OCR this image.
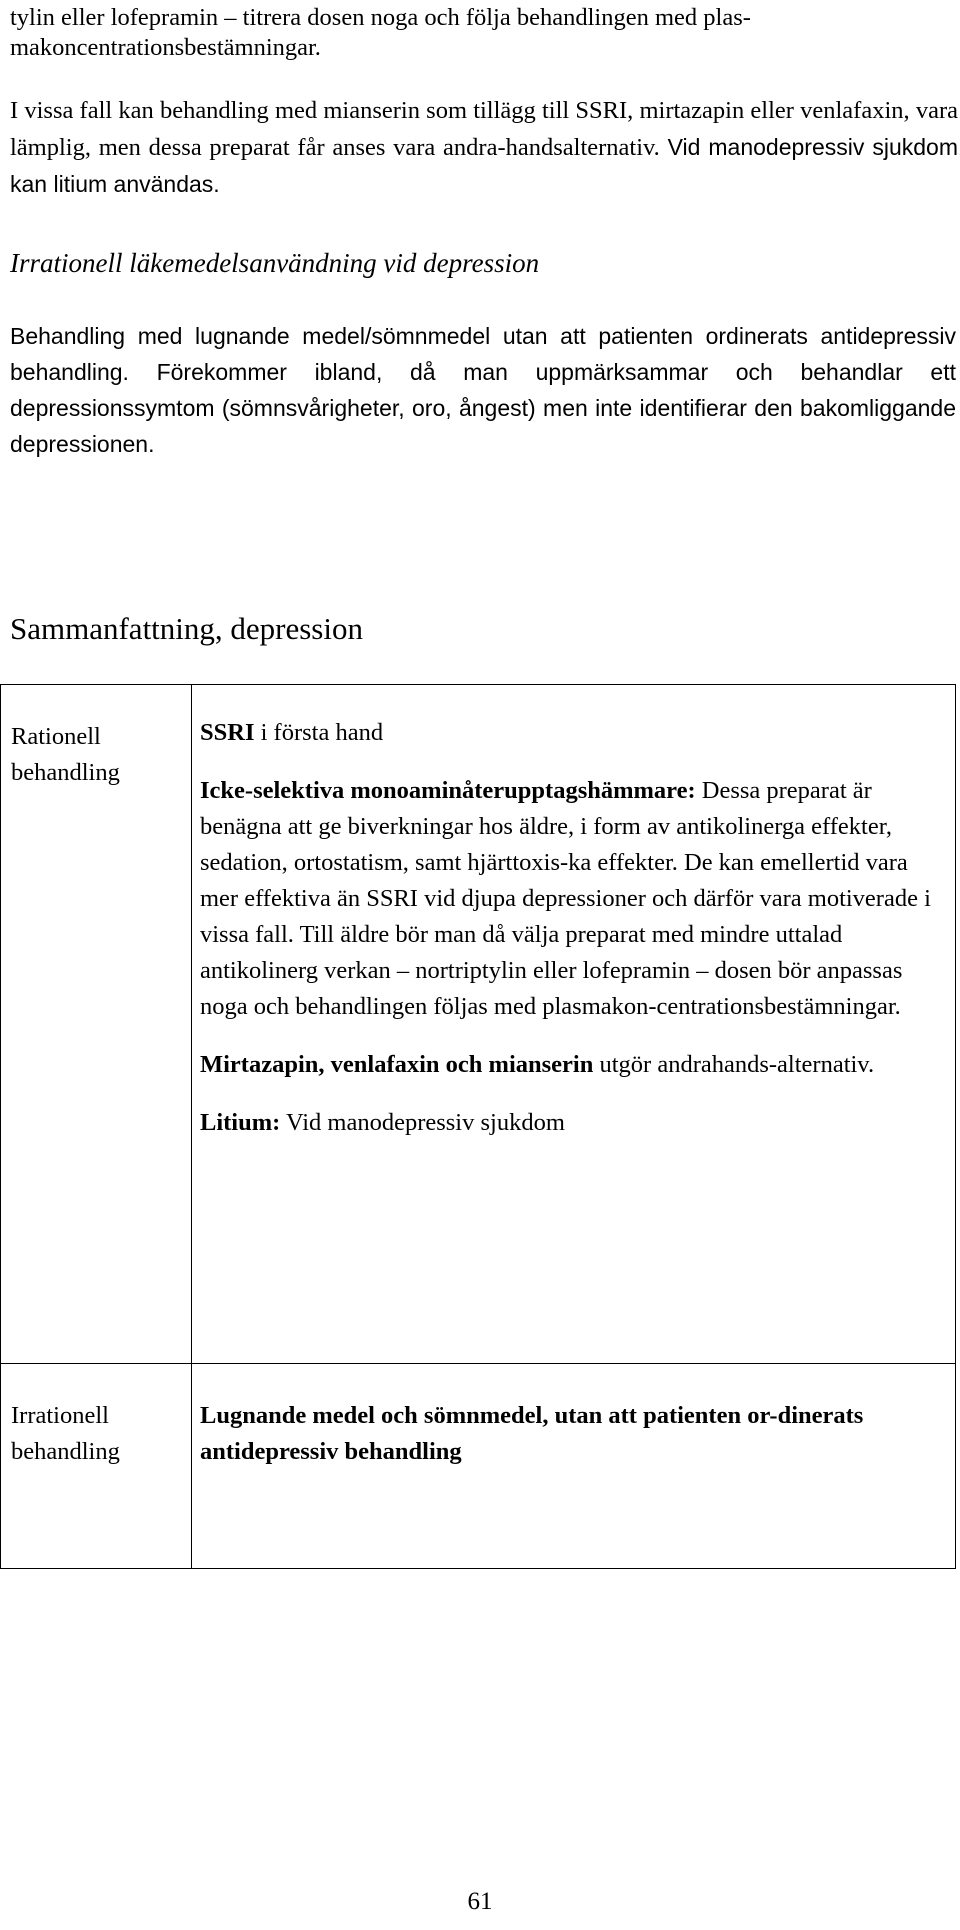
tylin eller lofepramin – titrera dosen noga och följa behandlingen med plas-

makoncentrationsbestämningar.

I vissa fall kan behandling med mianserin som tillägg till SSRI, mirtazapin eller venlafaxin, vara lämplig, men dessa preparat får anses vara andra-handsalternativ. Vid manodepressiv sjukdom kan litium användas.

Irrationell läkemedelsanvändning vid depression

Behandling med lugnande medel/sömnmedel utan att patienten ordinerats antidepressiv behandling. Förekommer ibland, då man uppmärksammar och behandlar ett depressionssymtom (sömnsvårigheter, oro, ångest) men inte identifierar den bakomliggande depressionen.

Sammanfattning, depression
Rationell behandling	SSRI i första hand

Icke-selektiva monoaminåterupptagshämmare: Dessa preparat är benägna att ge biverkningar hos äldre, i form av antikolinerga effekter, sedation, ortostatism, samt hjärttoxis-ka effekter. De kan emellertid vara mer effektiva än SSRI vid djupa depressioner och därför vara motiverade i vissa fall. Till äldre bör man då välja preparat med mindre uttalad antikolinerg verkan – nortriptylin eller lofepramin – dosen bör anpassas noga och behandlingen följas med plasmakon-centrationsbestämningar.

Mirtazapin, venlafaxin och mianserin utgör andrahands-alternativ.

Litium: Vid manodepressiv sjukdom

Irrationell behandling	Lugnande medel och sömnmedel, utan att patienten or-dinerats antidepressiv behandling

61
